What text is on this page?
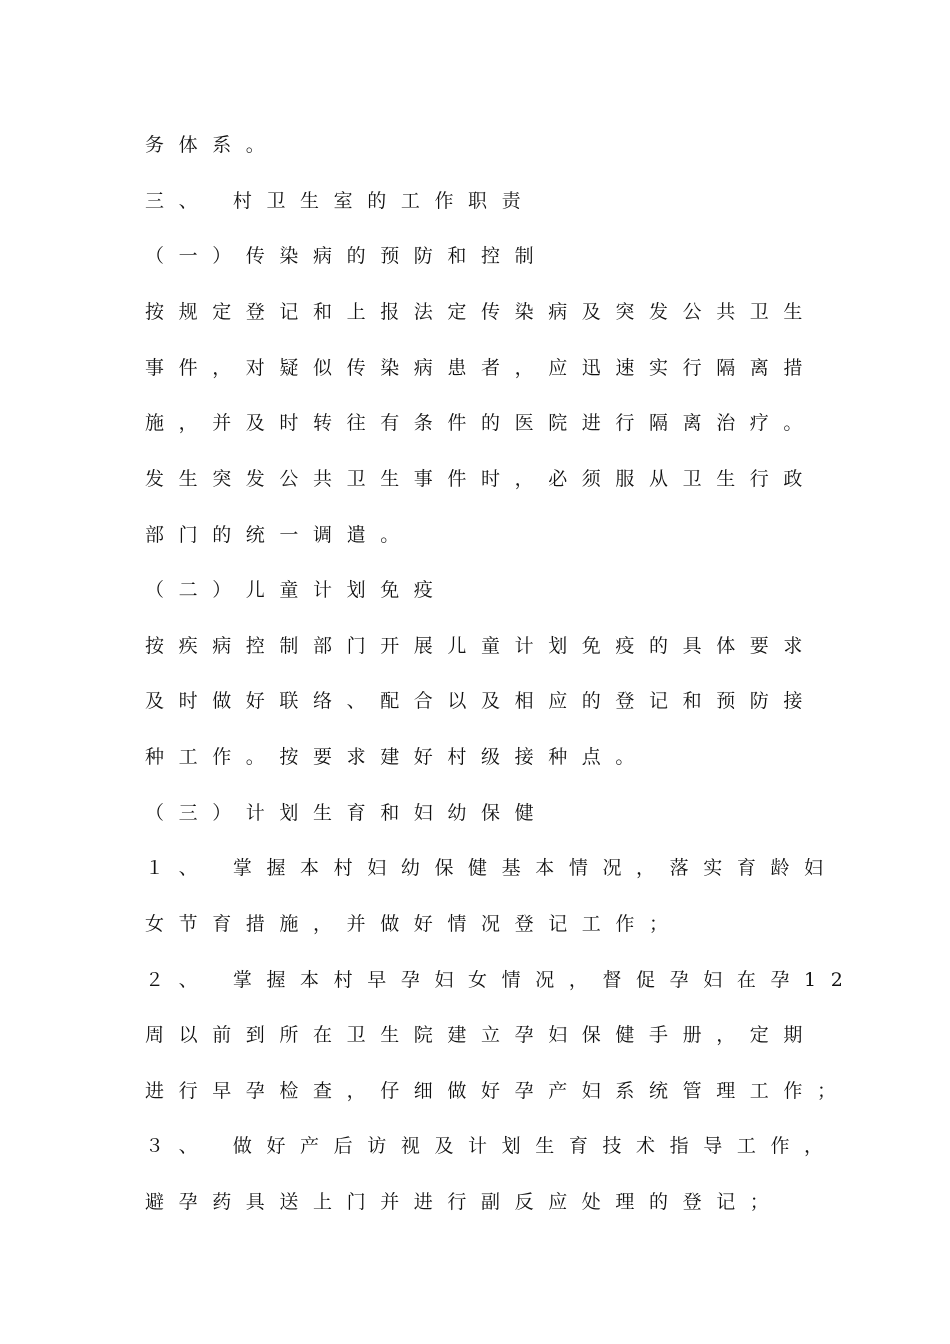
务体系。
三、 村卫生室的工作职责
（一）传染病的预防和控制
按规定登记和上报法定传染病及突发公共卫生
事件，对疑似传染病患者，应迅速实行隔离措
施，并及时转往有条件的医院进行隔离治疗。
发生突发公共卫生事件时，必须服从卫生行政
部门的统一调遣。
（二）儿童计划免疫
按疾病控制部门开展儿童计划免疫的具体要求
及时做好联络、配合以及相应的登记和预防接
种工作。按要求建好村级接种点。
（三）计划生育和妇幼保健
１、 掌握本村妇幼保健基本情况，落实育龄妇
女节育措施，并做好情况登记工作；
２、 掌握本村早孕妇女情况，督促孕妇在孕12
周以前到所在卫生院建立孕妇保健手册，定期
进行早孕检查，仔细做好孕产妇系统管理工作；
３、 做好产后访视及计划生育技术指导工作，
避孕药具送上门并进行副反应处理的登记；
